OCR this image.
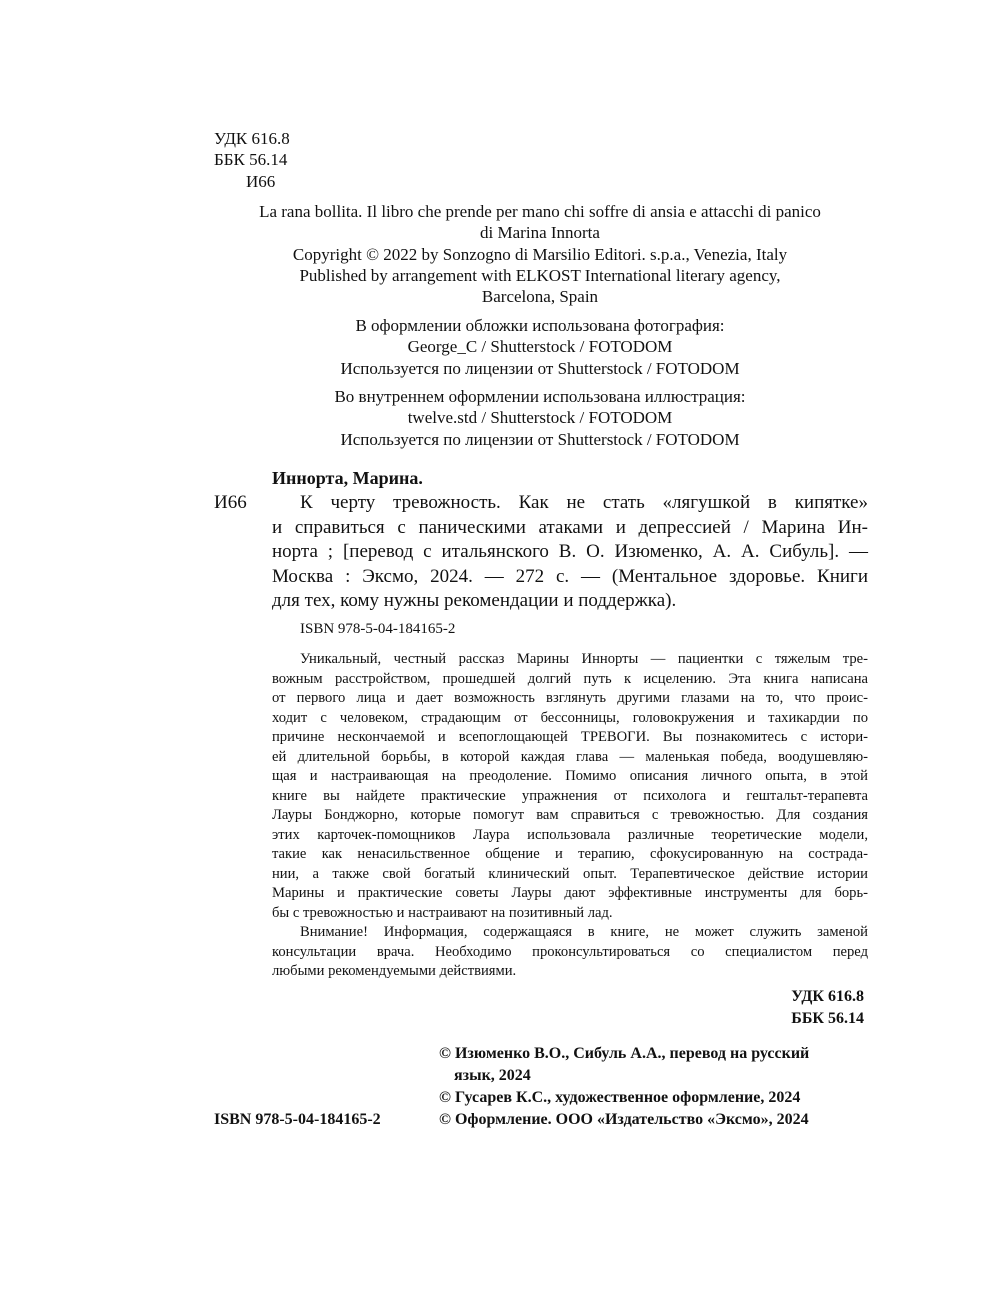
УДК 616.8
ББК 56.14
И66
La rana bollita. Il libro che prende per mano chi soffre di ansia e attacchi di panico
di Marina Innorta
Copyright © 2022 by Sonzogno di Marsilio Editori. s.p.a., Venezia, Italy
Published by arrangement with ELKOST International literary agency,
Barcelona, Spain
В оформлении обложки использована фотография:
George_C / Shutterstock / FOTODOM
Используется по лицензии от Shutterstock / FOTODOM
Во внутреннем оформлении использована иллюстрация:
twelve.std / Shutterstock / FOTODOM
Используется по лицензии от Shutterstock / FOTODOM
Иннорта, Марина.
И66	К черту тревожность. Как не стать «лягушкой в кипятке»
и справиться с паническими атаками и депрессией / Марина Ин-
норта ; [перевод с итальянского В. О. Изюменко, А. А. Сибуль]. —
Москва : Эксмо, 2024. — 272 с. — (Ментальное здоровье. Книги
для тех, кому нужны рекомендации и поддержка).
ISBN 978-5-04-184165-2
Уникальный, честный рассказ Марины Иннорты — пациентки с тяжелым тре-
вожным расстройством, прошедшей долгий путь к исцелению. Эта книга написана
от первого лица и дает возможность взглянуть другими глазами на то, что проис-
ходит с человеком, страдающим от бессонницы, головокружения и тахикардии по
причине нескончаемой и всепоглощающей ТРЕВОГИ. Вы познакомитесь с истори-
ей длительной борьбы, в которой каждая глава — маленькая победа, воодушевляю-
щая и настраивающая на преодоление. Помимо описания личного опыта, в этой
книге вы найдете практические упражнения от психолога и гештальт-терапевта
Лауры Бонджорно, которые помогут вам справиться с тревожностью. Для создания
этих карточек-помощников Лаура использовала различные теоретические модели,
такие как ненасильственное общение и терапию, сфокусированную на сострада-
нии, а также свой богатый клинический опыт. Терапевтическое действие истории
Марины и практические советы Лауры дают эффективные инструменты для борь-
бы с тревожностью и настраивают на позитивный лад.
Внимание! Информация, содержащаяся в книге, не может служить заменой
консультации врача. Необходимо проконсультироваться со специалистом перед
любыми рекомендуемыми действиями.
УДК 616.8
ББК 56.14
© Изюменко В.О., Сибуль А.А., перевод на русский
язык, 2024
© Гусарев К.С., художественное оформление, 2024
© Оформление. ООО «Издательство «Эксмо», 2024
ISBN 978-5-04-184165-2
